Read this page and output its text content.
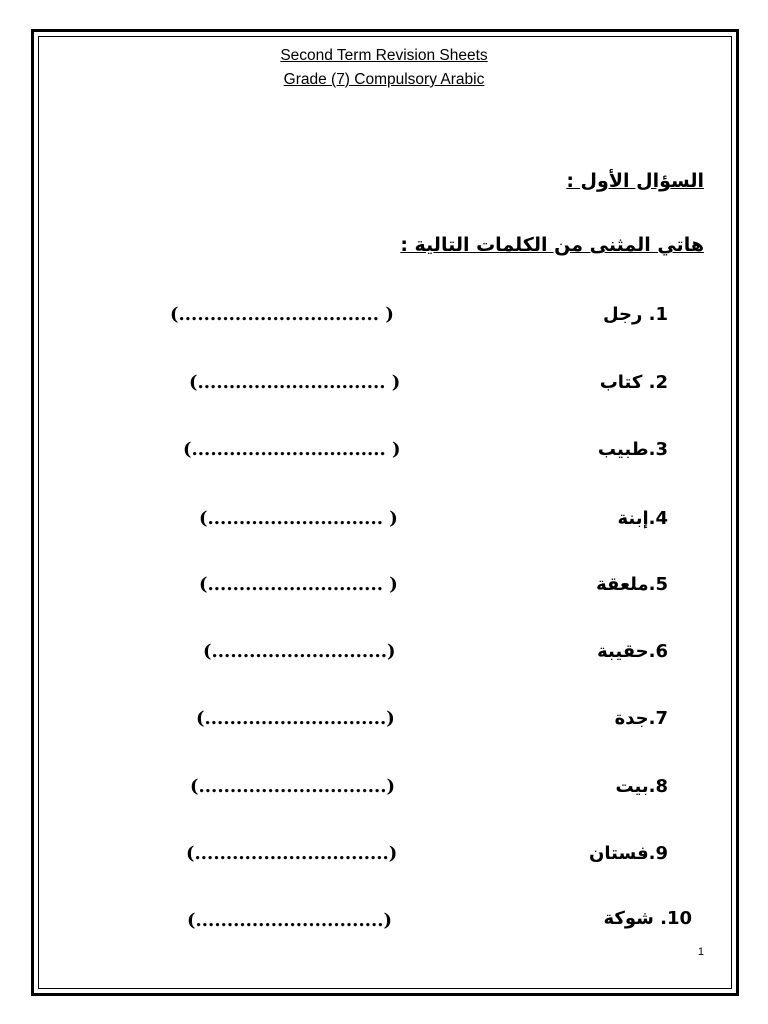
Second Term Revision Sheets
Grade (7) Compulsory Arabic
السؤال الأول :
هاتي المثنى من الكلمات التالية :
1. رجل
(................................ )
2. كتاب
(.............................. )
3.طبيب
(............................... )
4.إبنة
(............................ )
5.ملعقة
(............................ )
6.حقيبة
(............................)
7.جدة
(.............................)
8.بيت
(..............................)
9.فستان
(...............................)
10. شوكة
(..............................)
1
